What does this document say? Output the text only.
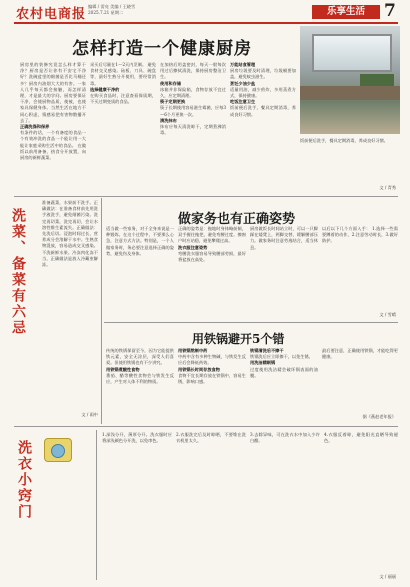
农村电商报
编辑 / 雷亮 美编 / 王晓雪
2025.7.21 星期二	乐享生活	7
怎样打造一个健康厨房
厨房里的装修究竟怎么样才算干净？厨房是否让你有不安宅不净好？洗碗盆里的细菌是否比马桶还多？厨房内油烟大大的有害。一家人几乎每天都会接触，而怎样清理，才是最大的学问。厨房要保证干净，会使厨物品质，使被，也使家具保健身体。当然生活在地方不同心积虑，情感易把有害物散播开去了。
正确洗涤和保养
有条件的话，一个有备度的食品一个有效冲洗的食品一个能让用一大能让家庭采购生活中的食品。 在做饭以前用备备，热食分开放置，向厨房的新鲜蔬菜。
采买后尽量在1～2天内烹制。 避免食材交叉感染。砧板、刀具、碗盘等，最好生熟分开使用，要经常消毒。
选择健康干净的
在购买食品时，注意查看保质期，不买过期变质的食品。
在加热后用盖密封，每天一般每次用过后擦拭清洗，保持厨房整洁卫生。
使用和存储
冰箱并非保险箱，食物存放不宜过久，应定期清理。
筷子定期更换
筷子长期使用容易滋生霉菌，应每3～6个月更换一次。
清洗抹布
抹布应每天清洗晾干，定期煮沸消毒。
万能站食管理
厨房垃圾要及时清理，垃圾桶要加盖，避免蚊虫滋生。
烹饪少油少盐
适量用油，减少煎炸，多用蒸煮方式，保持健康。
吃饭注意卫生
饭前便后洗手，餐具定期消毒，养成良好习惯。
饭前便后洗手，餐具定期消毒，养成良好习惯。
文 / 青秀
准备蔬菜，水果前不洗手。正确做法：在准备食材前先用洗手液洗手，避免细菌污染。洗完再切菜，洗完再切，会让水溶性维生素流失。正确做法：先洗后切。浸泡时间过长，营养成分会溶解于水中。生熟食物混放，容易造成交叉感染。不洗新鲜水果。冷冻肉化冻不当，正确做法是放入冷藏室解冻。
洗菜、备菜有六忌
文 / 雨中
做家务也有正确姿势
适当做一些家务，对于全身来说是一种锻炼。在这个过程中，不要那么心急，注意方式方法。特别是，一个人做家务时，务必要注意选择正确的姿势，避免伤及身体。
正确的姿势是：拖地时身体略前倾，双手握住拖把，避免弯腰过度。擦窗户时应站稳，避免攀爬过高。
洗衣服注意姿势
弯腰洗衣服容易导致腰部劳损，最好将盆放在高处。
厨房做饭长时间站立时，可以一只脚踩在矮凳上，两脚交替，缓解腰部压力。做家务时注意劳逸结合，适当休息。
以后以下几个方面入手： 1.选择一些需要蹲着的动作，2.注意劳动时长，3.做好防护。
文 / 雪晴
用铁锅避开5个错
传统的铁锅保留至今，因为它能提供铁元素，安全无涂层，深受人们喜爱。但使用铁锅也有不少讲究。
用铁锅煮酸性食物
番茄、醋等酸性食物会与铁发生反应，产生对人体不利的物质。
用铁锅熬制中药
中药中含有多种生物碱，与铁发生反应后会降低药效。
用铁锅长时间存放食物
食物不宜长期存放在铁锅中，容易生锈，影响口感。
铁锅清洗后不擦干
铁锅洗后应立即擦干，以免生锈。
用洗洁精刷锅
过度使用洗洁精会破坏锅表面的油膜。
最后要注意，正确使用铁锅，才能吃得更健康。
据《燕赵老年报》
洗衣小窍门
1.深浅分开，薄厚分开。洗衣服时应将深浅颜色分开洗，以免串色。
2.衣服洗完后及时晾晒，不要堆在洗衣机里太久。
3.去除异味，可在洗衣水中加入少许白醋。
4.衣服反着晾，避免阳光直晒导致褪色。
文 / 丽丽
